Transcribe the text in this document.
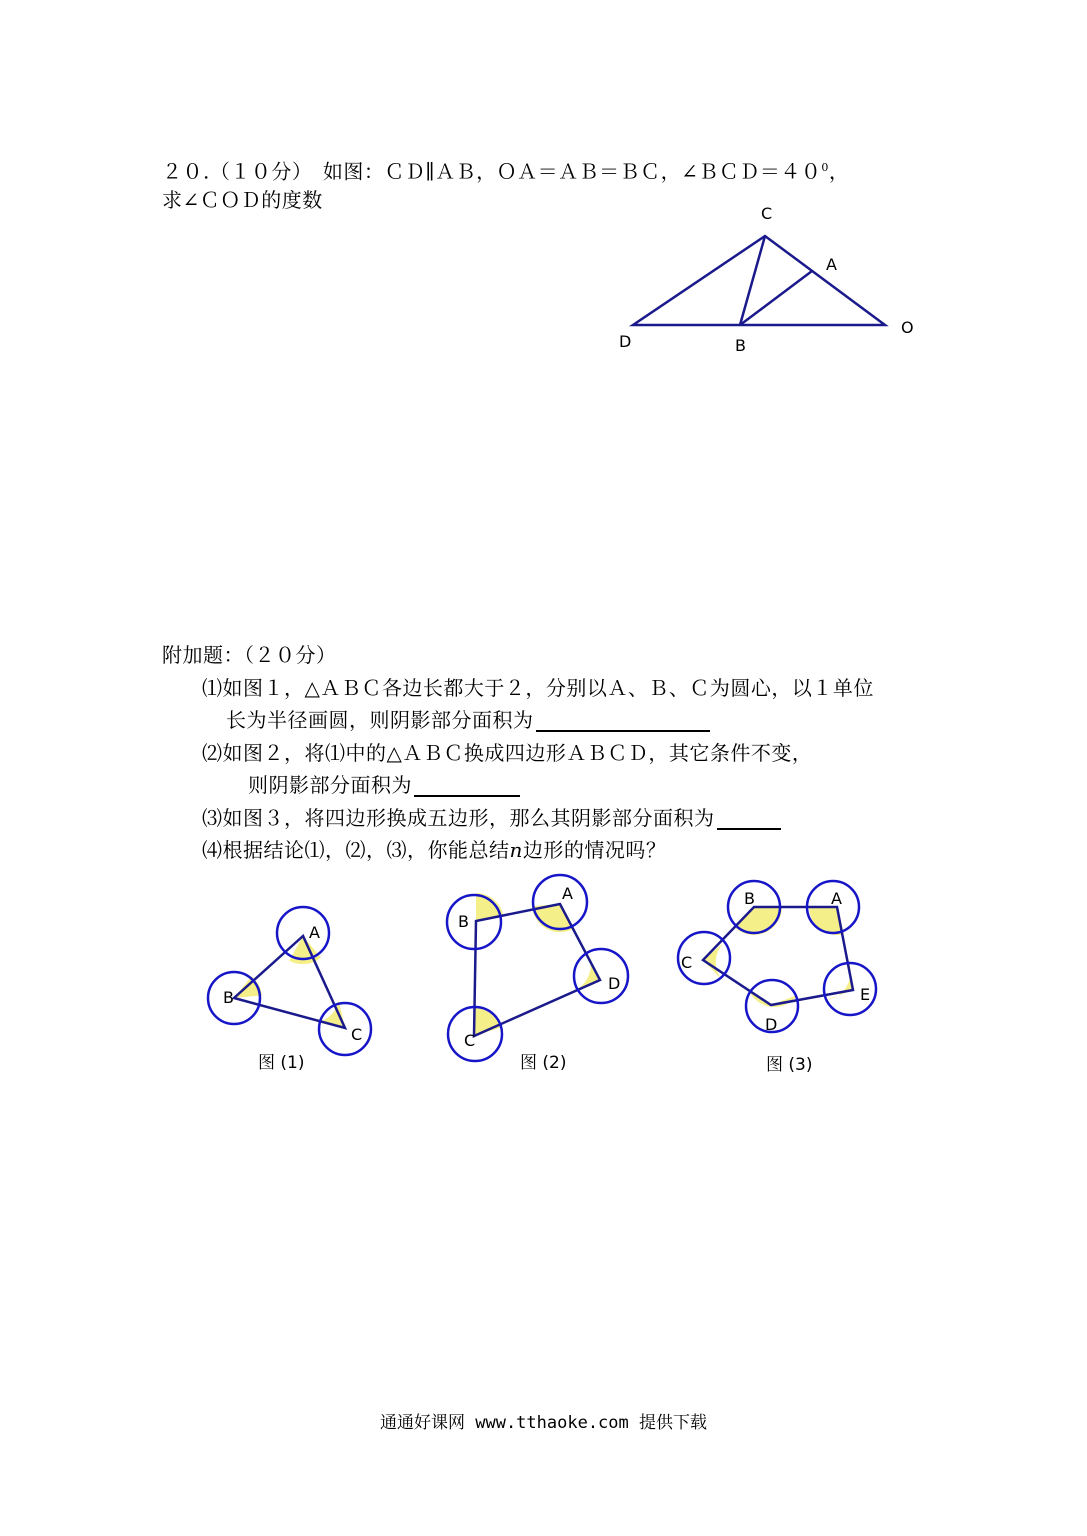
２０.（１０分）　如图：ＣＤ∥ＡＢ，ＯＡ＝ＡＢ＝ＢＣ，$\angle BCD=40^0$，
求∠ＣＯＤ的度数
附加题：（２０分）
⑴如图１，△ＡＢＣ各边长都大于２，分别以Ａ、Ｂ、Ｃ为圆心，以１单位
长为半径画圆，则阴影部分面积为
⑵如图２，将⑴中的△ＡＢＣ换成四边形ＡＢＣＤ，其它条件不变，
则阴影部分面积为
⑶如图３，将四边形换成五边形，那么其阴影部分面积为
⑷根据结论⑴，⑵，⑶，你能总结n边形的情况吗？
C
A
D	B
O
A
B
C
图 (1)
A
B
C
D
图 (2)
A
B
C
D
E
图 (3)
通通好课网 www.tthaoke.com 提供下载
